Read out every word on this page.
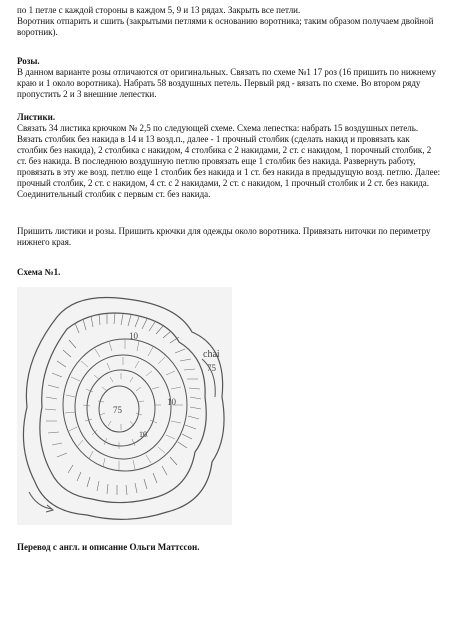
по 1 петле с каждой стороны в каждом 5, 9 и 13 рядах. Закрыть все петли.

Воротник отпарить и сшить (закрытыми петлями к основанию воротника; таким образом получаем двойной воротник).

Розы.

В данном варианте розы отличаются от оригинальных. Связать по схеме №1 17 роз (16 пришить по нижнему краю и 1 около воротника). Набрать 58 воздушных петель. Первый ряд - вязать по схеме. Во втором ряду пропустить 2 и 3 внешние лепестки.

Листики.

Связать 34 листика крючком № 2,5 по следующей схеме. Схема лепестка: набрать 15 воздушных петель. Вязать столбик без накида в 14 и 13 возд.п., далее - 1 прочный столбик (сделать накид и провязать как столбик без накида), 2 столбика с накидом, 4 столбика с 2 накидами, 2 ст. с накидом, 1 порочный столбик, 2 ст. без накида. В последнюю воздушную петлю провязать еще 1 столбик без накида. Развернуть работу, провязать в эту же возд. петлю еще 1 столбик без накида и 1 ст. без накида в предыдущую возд. петлю. Далее: прочный столбик, 2 ст. с накидом, 4 ст. с 2 накидами, 2 ст. с накидом, 1 прочный столбик и 2 ст. без накида. Соединительный столбик с первым ст. без накида.

Пришить листики и розы. Пришить крючки для одежды около воротника. Привязать ниточки по периметру нижнего края.

Схема №1.

chai
75
10
10
75
10

Перевод с англ. и описание Ольги Маттссон.
